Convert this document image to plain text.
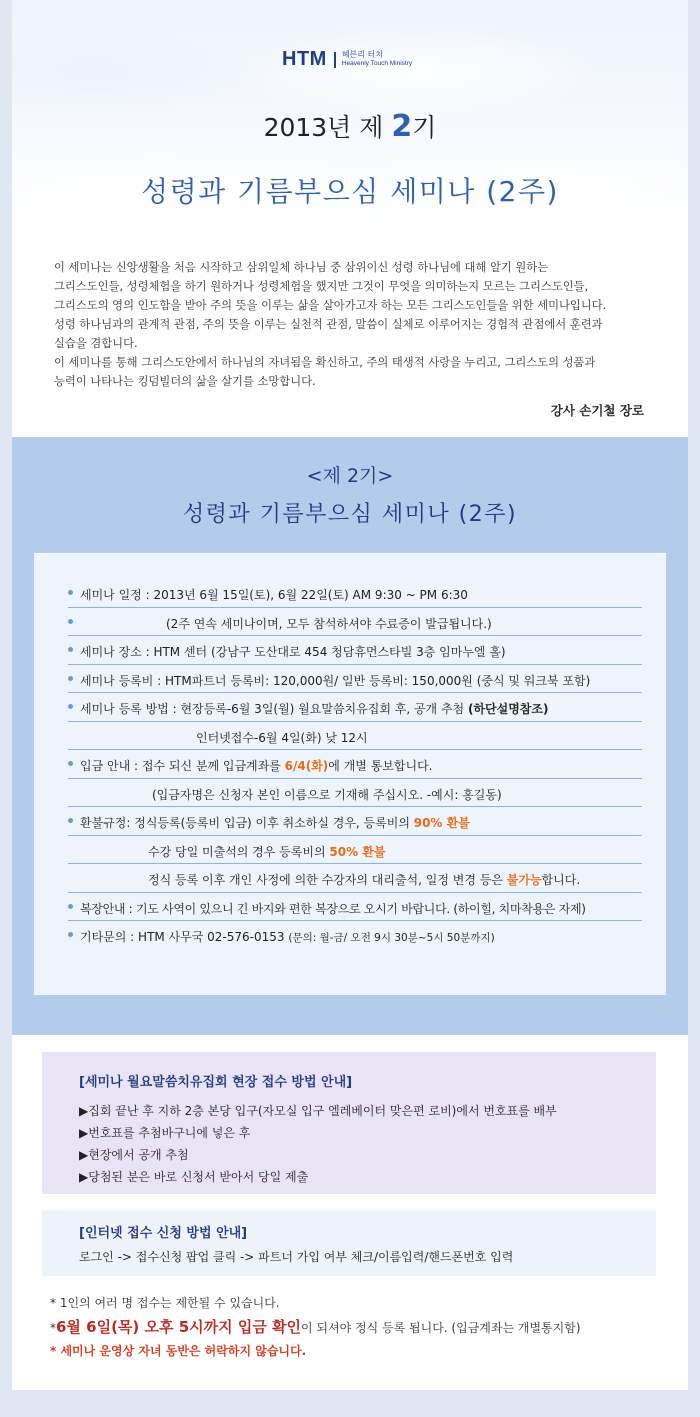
HTM 헤븐리 터치
Heavenly Touch Ministry
2013년 제 2기
성령과 기름부으심 세미나 (2주)

이 세미나는 신앙생활을 처음 시작하고 삼위일체 하나님 중 삼위이신 성령 하나님에 대해 알기 원하는

그리스도인들, 성령체험을 하기 원하거나 성령체험을 했지만 그것이 무엇을 의미하는지 모르는 그리스도인들,

그리스도의 영의 인도함을 받아 주의 뜻을 이루는 삶을 살아가고자 하는 모든 그리스도인들을 위한 세미나입니다.

성령 하나님과의 관계적 관점, 주의 뜻을 이루는 실천적 관점, 말씀이 실체로 이루어지는 경험적 관점에서 훈련과

실습을 겸합니다.

이 세미나를 통해 그리스도안에서 하나님의 자녀됨을 확신하고, 주의 태생적 사랑을 누리고, 그리스도의 성품과

능력이 나타나는 킹덤빌더의 삶을 살기를 소망합니다.

강사 손기철 장로
<제 2기>
성령과 기름부으심 세미나 (2주)
세미나 일정 : 2013년 6월 15일(토), 6월 22일(토) AM 9:30 ~ PM 6:30
(2주 연속 세미나이며, 모두 참석하셔야 수료증이 발급됩니다.)
세미나 장소 : HTM 센터 (강남구 도산대로 454 청담휴먼스타빌 3층 임마누엘 홀)
세미나 등록비 : HTM파트너 등록비: 120,000원/ 일반 등록비: 150,000원 (중식 및 워크북 포함)
세미나 등록 방법 : 현장등록-6월 3일(월) 월요말씀치유집회 후, 공개 추첨 (하단설명참조)
인터넷접수-6월 4일(화) 낮 12시
입금 안내 : 접수 되신 분께 입금계좌를 6/4(화)에 개별 통보합니다.
(입금자명은 신청자 본인 이름으로 기재해 주십시오. -예시: 홍길동)
환불규정: 정식등록(등록비 입금) 이후 취소하실 경우, 등록비의 90% 환불
수강 당일 미출석의 경우 등록비의 50% 환불
정식 등록 이후 개인 사정에 의한 수강자의 대리출석, 일정 변경 등은 불가능합니다.
복장안내 : 기도 사역이 있으니 긴 바지와 편한 복장으로 오시기 바랍니다. (하이힐, 치마착용은 자제)
기타문의 : HTM 사무국 02-576-0153 (문의: 월-금/ 오전 9시 30분~5시 50분까지)
[세미나 월요말씀치유집회 현장 접수 방법 안내]
▶집회 끝난 후 지하 2층 본당 입구(자모실 입구 엘레베이터 맞은편 로비)에서 번호표를 배부
▶번호표를 추첨바구니에 넣은 후
▶현장에서 공개 추첨
▶당첨된 분은 바로 신청서 받아서 당일 제출
[인터넷 접수 신청 방법 안내]
로그인 -> 접수신청 팝업 클릭 -> 파트너 가입 여부 체크/이름입력/핸드폰번호 입력
* 1인의 여러 명 접수는 제한될 수 있습니다.
*6월 6일(목) 오후 5시까지 입금 확인이 되셔야 정식 등록 됩니다. (입금계좌는 개별통지함)
* 세미나 운영상 자녀 동반은 허락하지 않습니다.
